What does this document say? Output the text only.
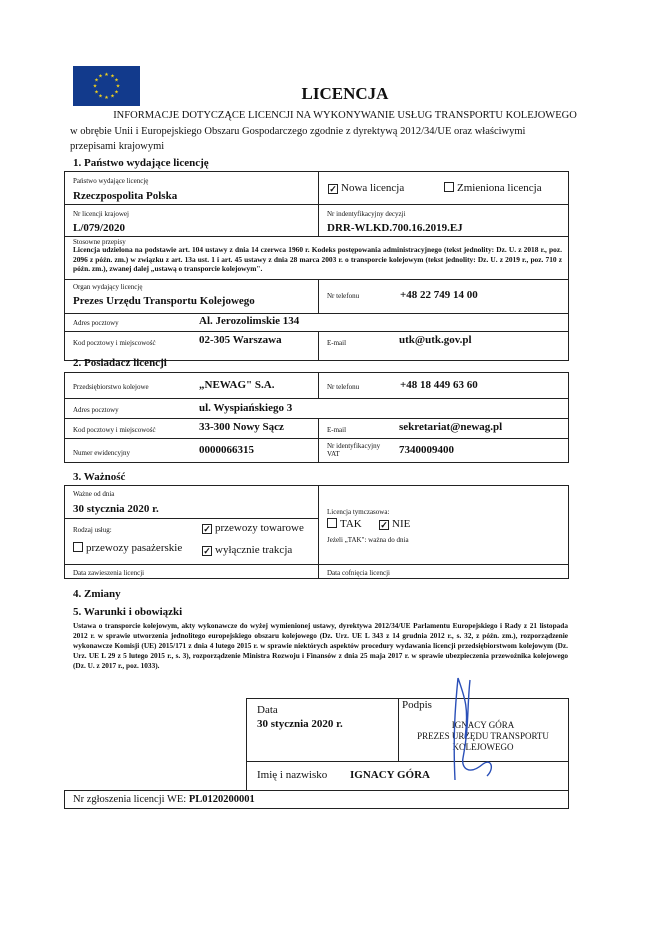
★ ★
★
★
★
★
★
★
★
★
★
★
LICENCJA
INFORMACJE DOTYCZĄCE LICENCJI NA WYKONYWANIE USŁUG TRANSPORTU KOLEJOWEGO
w obrębie Unii i Europejskiego Obszaru Gospodarczego zgodnie z dyrektywą 2012/34/UE oraz właściwymi
przepisami krajowymi
1. Państwo wydające licencję
Państwo wydające licencję
Rzeczpospolita Polska
✓ Nowa licencja	Zmieniona licencja
Nr licencji krajowej
L/079/2020
Nr indentyfikacyjny decyzji
DRR-WLKD.700.16.2019.EJ
Stosowne przepisy
Licencja udzielona na podstawie art. 104 ustawy z dnia 14 czerwca 1960 r. Kodeks postępowania administracyjnego (tekst jednolity: Dz. U. z 2018 r., poz. 2096 z późn. zm.) w związku z art. 13a ust. 1 i art. 45 ustawy z dnia 28 marca 2003 r. o transporcie kolejowym (tekst jednolity: Dz. U. z 2019 r., poz. 710 z późn. zm.), zwanej dalej „ustawą o transporcie kolejowym".
Organ wydający licencję
Prezes Urzędu Transportu Kolejowego	Nr telefonu	+48 22 749 14 00
Adres pocztowy	Al. Jerozolimskie 134
Kod pocztowy i miejscowość	02-305 Warszawa	E-mail	utk@utk.gov.pl
2. Posiadacz licencji
Przedsiębiorstwo kolejowe	„NEWAG" S.A.	Nr telefonu	+48 18 449 63 60
Adres pocztowy	ul. Wyspiańskiego 3
Kod pocztowy i miejscowość	33-300 Nowy Sącz	E-mail	sekretariat@newag.pl
Numer ewidencyjny	0000066315	Nr identyfikacyjny
VAT	7340009400
3. Ważność
Ważne od dnia
30 stycznia 2020 r.	Licencja tymczasowa:
Rodzaj usług:	✓ przewozy towarowe
przewozy pasażerskie ✓ wyłącznie trakcja
TAK ✓ NIE
Jeżeli „TAK": ważna do dnia
Data zawieszenia licencji	Data cofnięcia licencji
4. Zmiany
5. Warunki i obowiązki
Ustawa o transporcie kolejowym, akty wykonawcze do wyżej wymienionej ustawy, dyrektywa 2012/34/UE Parlamentu Europejskiego i Rady z 21 listopada 2012 r. w sprawie utworzenia jednolitego europejskiego obszaru kolejowego (Dz. Urz. UE L 343 z 14 grudnia 2012 r., s. 32, z późn. zm.), rozporządzenie wykonawcze Komisji (UE) 2015/171 z dnia 4 lutego 2015 r. w sprawie niektórych aspektów procedury wydawania licencji przedsiębiorstwom kolejowym (Dz. Urz. UE L 29 z 5 lutego 2015 r., s. 3), rozporządzenie Ministra Rozwoju i Finansów z dnia 25 maja 2017 r. w sprawie ubezpieczenia przewoźnika kolejowego (Dz. U. z 2017 r., poz. 1033).
Data
30 stycznia 2020 r.
Podpis
IGNACY GÓRA
PREZES URZĘDU TRANSPORTU
KOLEJOWEGO
Imię i nazwisko IGNACY GÓRA
Nr zgłoszenia licencji WE: PL0120200001
